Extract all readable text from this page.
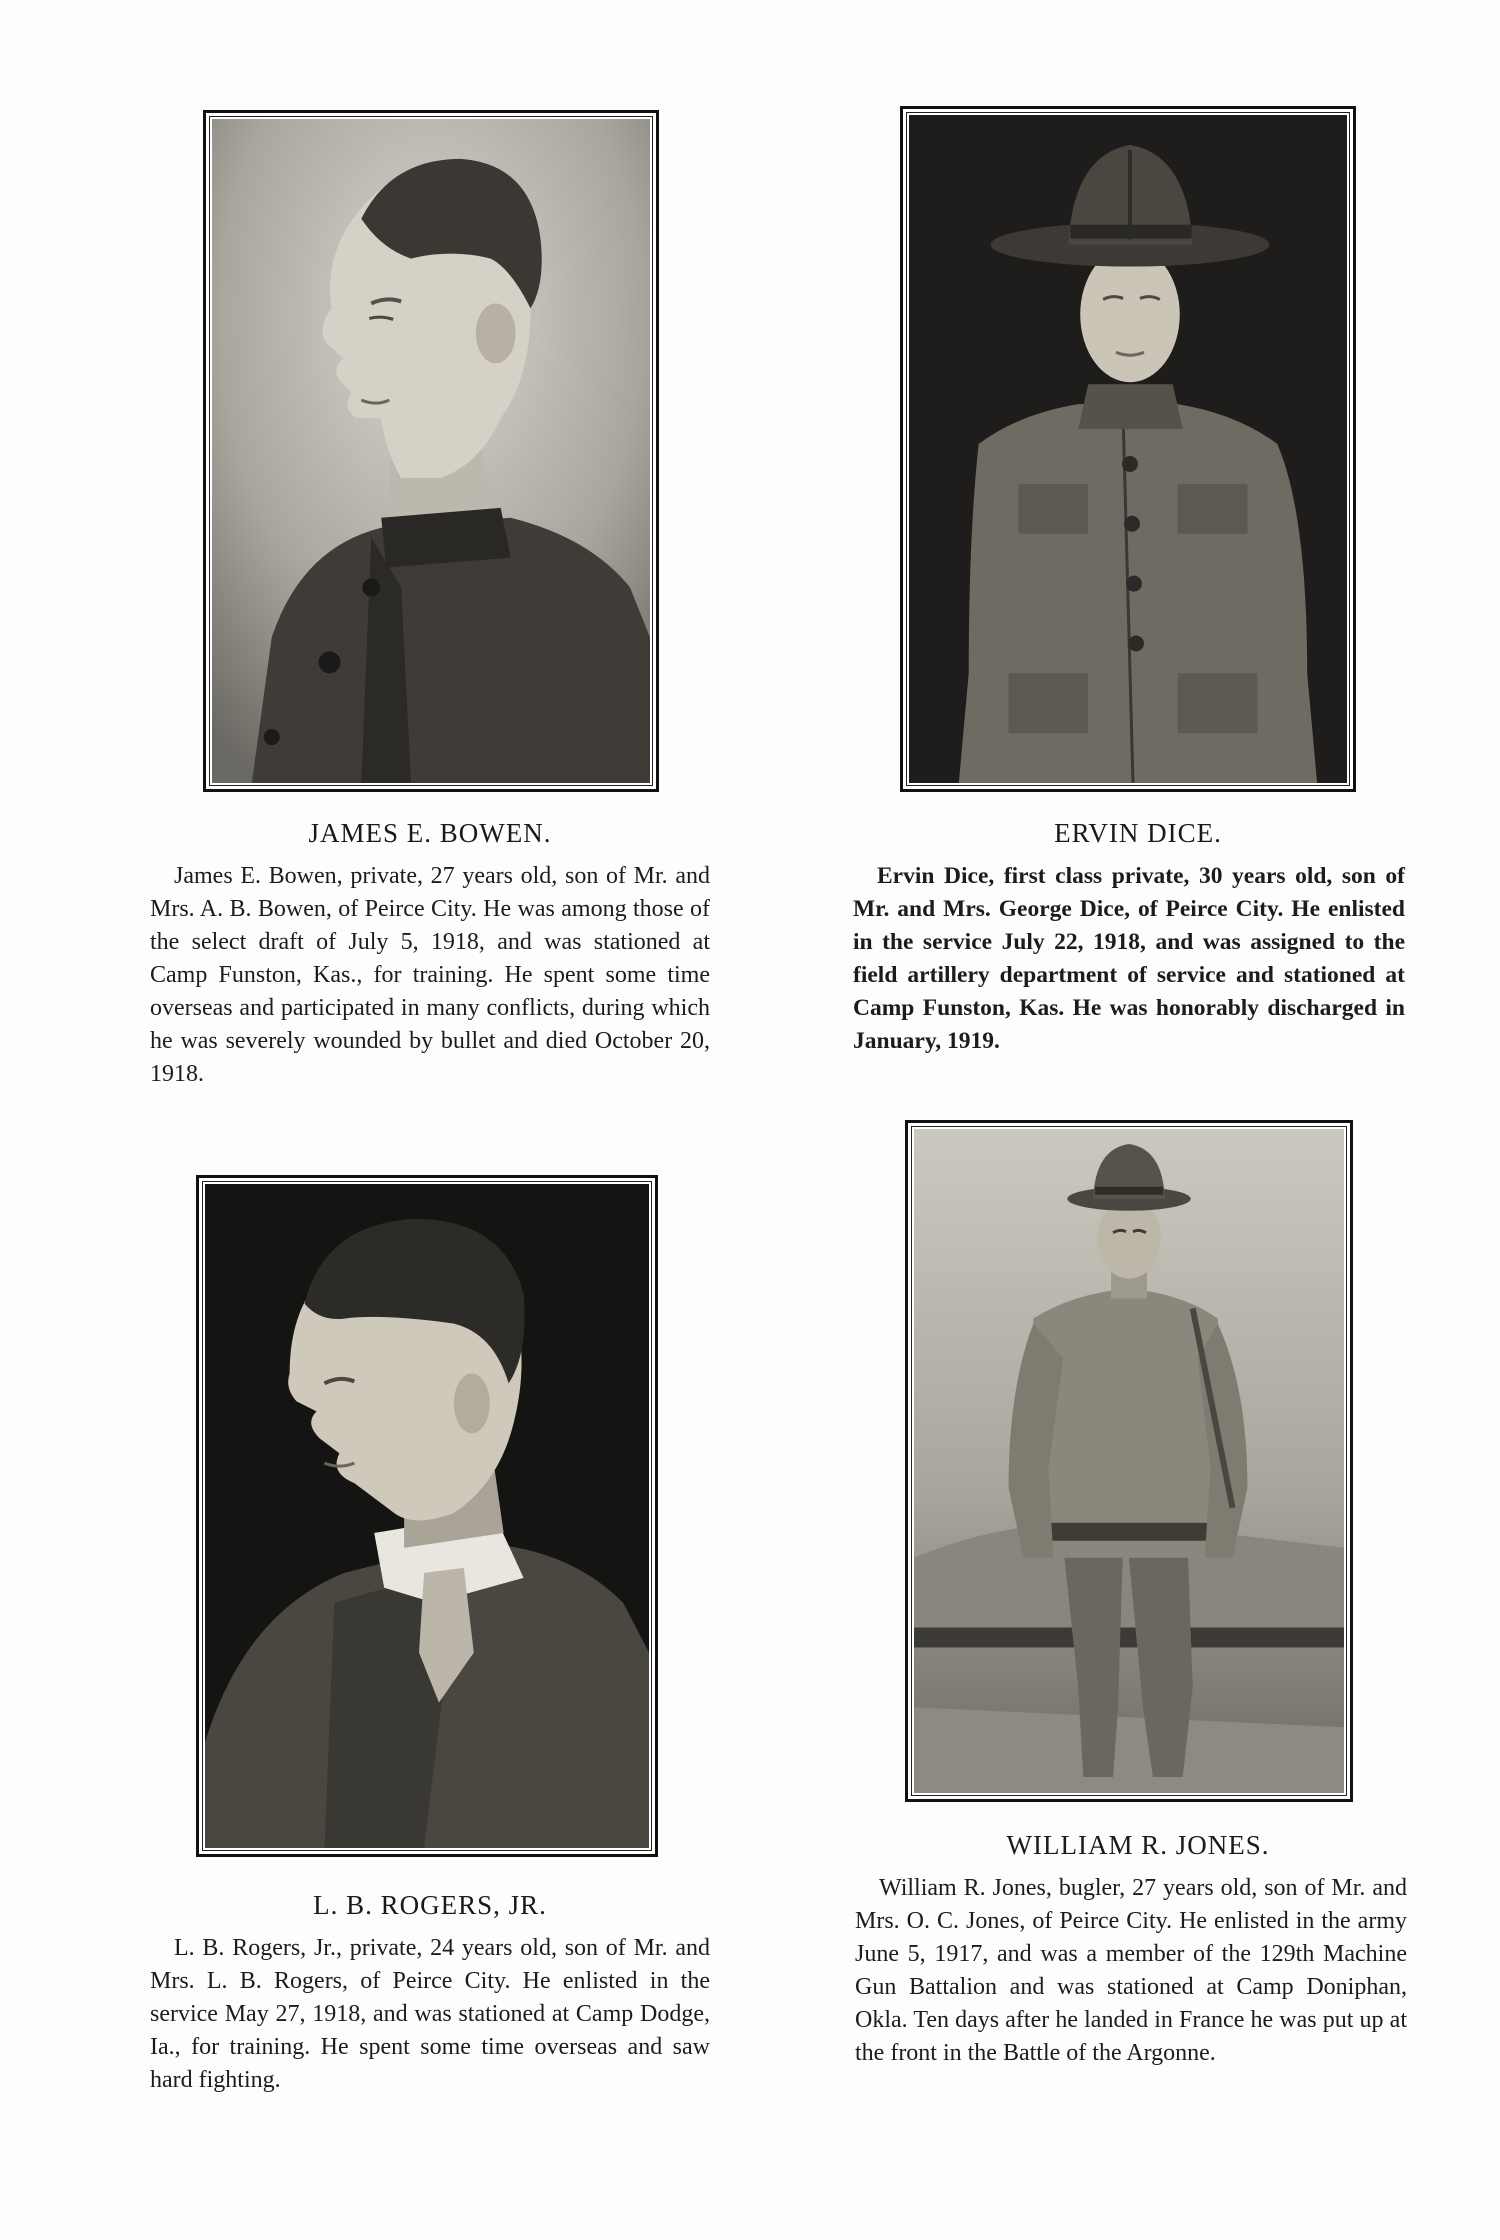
JAMES E. BOWEN.

James E. Bowen, private, 27 years old, son of Mr. and Mrs. A. B. Bowen, of Peirce City. He was among those of the select draft of July 5, 1918, and was stationed at Camp Funston, Kas., for training. He spent some time overseas and participated in many conflicts, during which he was severely wounded by bullet and died October 20, 1918.

ERVIN DICE.

Ervin Dice, first class private, 30 years old, son of Mr. and Mrs. George Dice, of Peirce City. He enlisted in the service July 22, 1918, and was assigned to the field artillery department of service and stationed at Camp Funston, Kas. He was honorably discharged in January, 1919.

L. B. ROGERS, JR.

L. B. Rogers, Jr., private, 24 years old, son of Mr. and Mrs. L. B. Rogers, of Peirce City. He enlisted in the service May 27, 1918, and was stationed at Camp Dodge, Ia., for training. He spent some time overseas and saw hard fighting.

WILLIAM R. JONES.

William R. Jones, bugler, 27 years old, son of Mr. and Mrs. O. C. Jones, of Peirce City. He enlisted in the army June 5, 1917, and was a member of the 129th Machine Gun Battalion and was stationed at Camp Doniphan, Okla. Ten days after he landed in France he was put up at the front in the Battle of the Argonne.
